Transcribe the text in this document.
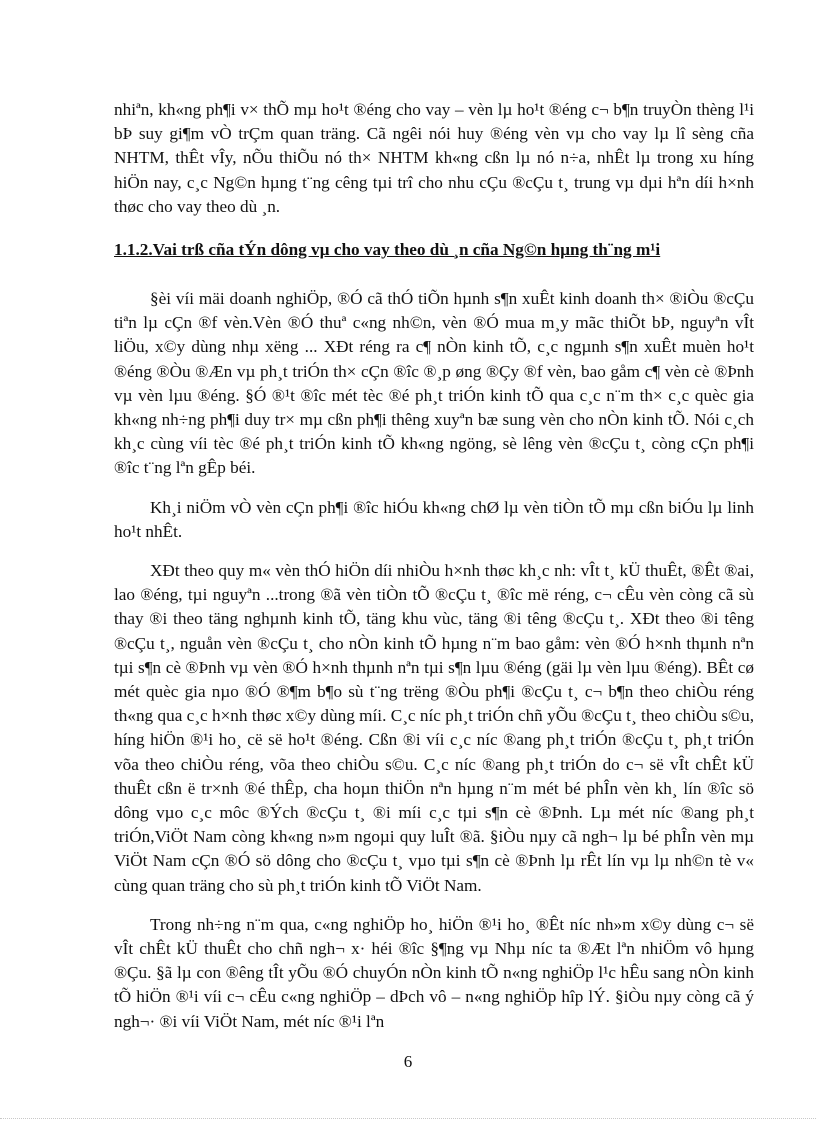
nhiªn, kh«ng ph¶i v× thÕ mµ ho¹t ®éng cho vay – vèn lµ ho¹t ®éng c¬ b¶n truyÒn thèng l¹i bÞ suy gi¶m vÒ trÇm quan träng. Cã ngêi nói huy ®éng vèn vµ cho vay lµ lî sèng cña NHTM, thÊt vÎy, nÕu thiÕu nó th× NHTM kh«ng cßn lµ nó n÷a, nhÊt lµ trong xu híng hiÖn nay, c¸c Ng©n hµng t¨ng cêng tµi trî cho nhu cÇu ®cÇu t¸ trung vµ dµi hªn díi h×nh thøc cho vay theo dù ¸n.
1.1.2.Vai trß cña tÝn dông vµ cho vay theo dù ¸n cña Ng©n hµng th¨ng m¹i

§èi víi mäi doanh nghiÖp, ®Ó cã thÓ tiÕn hµnh s¶n xuÊt kinh doanh th× ®iÒu ®cÇu tiªn lµ cÇn ®f vèn.Vèn ®Ó thuª c«ng nh©n, vèn ®Ó mua m¸y mãc thiÕt bÞ, nguyªn vÎt liÖu, x©y dùng nhµ xëng ... XÐt réng ra c¶ nÒn kinh tÕ, c¸c ngµnh s¶n xuÊt muèn ho¹t ®éng ®Òu ®Æn vµ ph¸t triÓn th× cÇn ®îc ®¸p øng ®Çy ®f vèn, bao gåm c¶ vèn cè ®Þnh vµ vèn lµu ®éng. §Ó ®¹t ®îc mét tèc ®é ph¸t triÓn kinh tÕ qua c¸c n¨m th× c¸c quèc gia kh«ng nh÷ng ph¶i duy tr× mµ cßn ph¶i thêng xuyªn bæ sung vèn cho nÒn kinh tÕ. Nói c¸ch kh¸c cùng víi tèc ®é ph¸t triÓn kinh tÕ kh«ng ngöng, sè lêng vèn ®cÇu t¸ còng cÇn ph¶i ®îc t¨ng lªn gÊp béi.

Kh¸i niÖm vÒ vèn cÇn ph¶i ®îc hiÓu kh«ng chØ lµ vèn tiÒn tÕ mµ cßn biÓu lµ linh ho¹t nhÊt.

XÐt theo quy m« vèn thÓ hiÖn díi nhiÒu h×nh thøc kh¸c nh: vÎt t¸ kÜ thuÊt, ®Êt ®ai, lao ®éng, tµi nguyªn ...trong ®ã vèn tiÒn tÕ ®cÇu t¸ ®îc më réng, c¬ cÊu vèn còng cã sù thay ®i theo täng nghµnh kinh tÕ, täng khu vùc, täng ®i têng ®cÇu t¸. XÐt theo ®i têng ®cÇu t¸, nguån vèn ®cÇu t¸ cho nÒn kinh tÕ hµng n¨m bao gåm: vèn ®Ó h×nh thµnh nªn tµi s¶n cè ®Þnh vµ vèn ®Ó h×nh thµnh nªn tµi s¶n lµu ®éng (gäi lµ vèn lµu ®éng). BÊt cø mét quèc gia nµo ®Ó ®¶m b¶o sù t¨ng trëng ®Òu ph¶i ®cÇu t¸ c¬ b¶n theo chiÒu réng th«ng qua c¸c h×nh thøc x©y dùng míi. C¸c níc ph¸t triÓn chñ yÕu ®cÇu t¸ theo chiÒu s©u, híng hiÖn ®¹i ho¸ cë së ho¹t ®éng. Cßn ®i víi c¸c níc ®ang ph¸t triÓn ®cÇu t¸ ph¸t triÓn võa theo chiÒu réng, võa theo chiÒu s©u. C¸c níc ®ang ph¸t triÓn do c¬ së vÎt chÊt kÜ thuÊt cßn ë tr×nh ®é thÊp, cha hoµn thiÖn nªn hµng n¨m mét bé phÎn vèn kh¸ lín ®îc sö dông vµo c¸c môc ®Ých ®cÇu t¸ ®i míi c¸c tµi s¶n cè ®Þnh. Lµ mét níc ®ang ph¸t triÓn,ViÖt Nam còng kh«ng n»m ngoµi quy luÎt ®ã. §iÒu nµy cã ngh¬ lµ bé phÎn vèn mµ ViÖt Nam cÇn ®Ó sö dông cho ®cÇu t¸ vµo tµi s¶n cè ®Þnh lµ rÊt lín vµ lµ nh©n tè v« cùng quan träng cho sù ph¸t triÓn kinh tÕ ViÖt Nam.

Trong nh÷ng n¨m qua, c«ng nghiÖp ho¸ hiÖn ®¹i ho¸ ®Êt níc nh»m x©y dùng c¬ së vÎt chÊt kÜ thuÊt cho chñ ngh¬ x· héi ®îc §¶ng vµ Nhµ níc ta ®Æt lªn nhiÖm vô hµng ®Çu. §ã lµ con ®êng tÎt yÕu ®Ó chuyÓn nÒn kinh tÕ n«ng nghiÖp l¹c hÊu sang nÒn kinh tÕ hiÖn ®¹i víi c¬ cÊu c«ng nghiÖp – dÞch vô – n«ng nghiÖp hîp lÝ. §iÒu nµy còng cã ý ngh¬· ®i víi ViÖt Nam, mét níc ®¹i lªn

6
